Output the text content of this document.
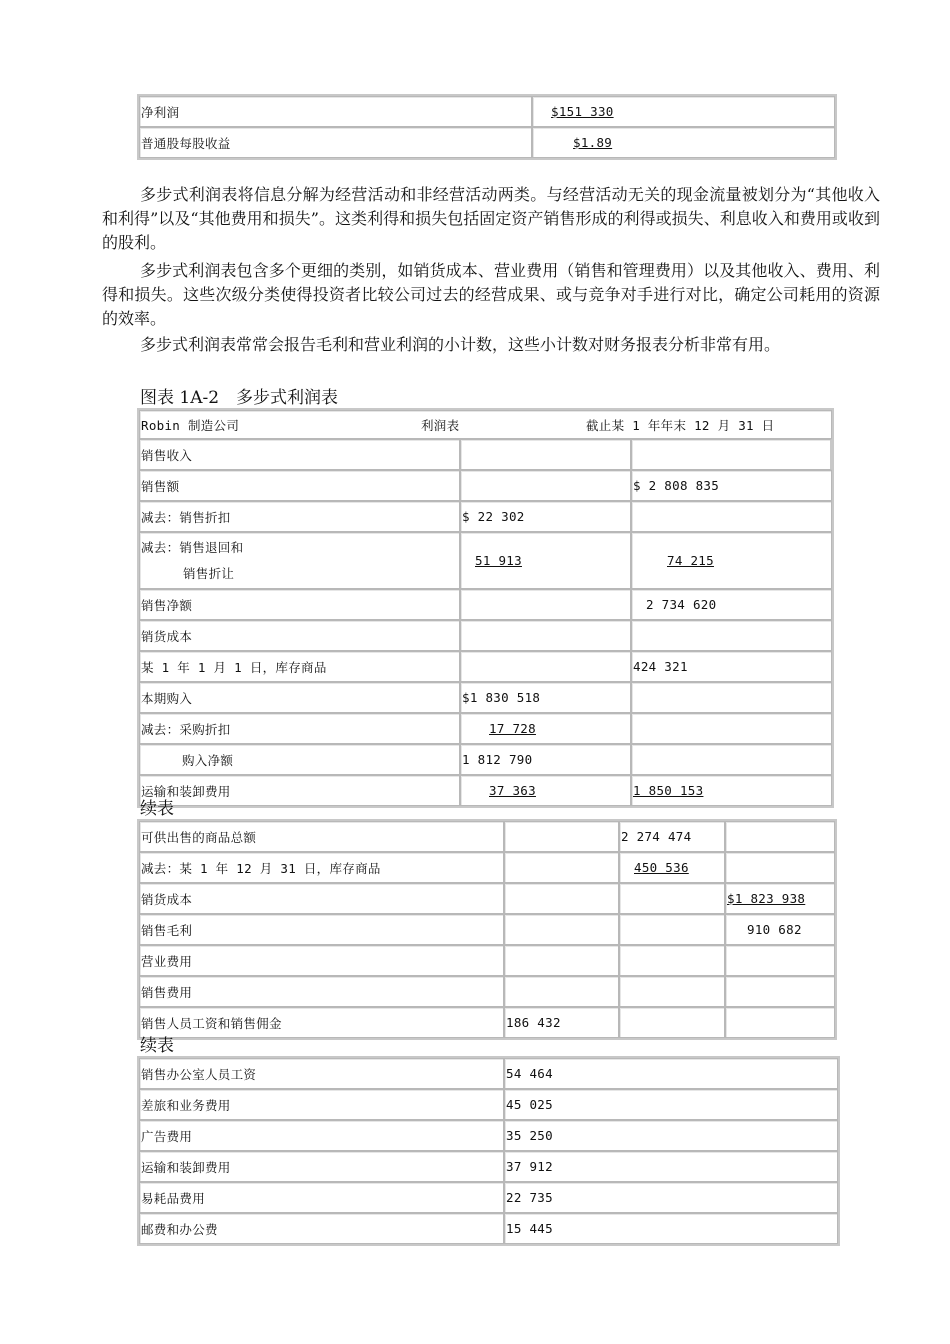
净利润	$151 330
普通股每股收益	$1.89

多步式利润表将信息分解为经营活动和非经营活动两类。与经营活动无关的现金流量被划分为“其他收入和利得”以及“其他费用和损失”。这类利得和损失包括固定资产销售形成的利得或损失、利息收入和费用或收到的股利。

多步式利润表包含多个更细的类别，如销货成本、营业费用（销售和管理费用）以及其他收入、费用、利得和损失。这些次级分类使得投资者比较公司过去的经营成果、或与竞争对手进行对比，确定公司耗用的资源的效率。

多步式利润表常常会报告毛利和营业利润的小计数，这些小计数对财务报表分析非常有用。

图表 1A-2　多步式利润表
Robin 制造公司 利润表 截止某 1 年年末 12 月 31 日		
销售收入		
销售额		$ 2 808 835
减去：销售折扣	$ 22 302	

减去：销售退回和
销售折让	51 913	74 215
销售净额		2 734 620
销货成本		
某 1 年 1 月 1 日，库存商品		424 321
本期购入	$1 830 518	
减去：采购折扣	17 728	
购入净额	1 812 790	
运输和装卸费用	37 363	1 850 153
续表
可供出售的商品总额		2 274 474	
减去：某 1 年 12 月 31 日，库存商品		450 536	
销货成本			$1 823 938
销售毛利			910 682
营业费用			
销售费用			
销售人员工资和销售佣金	186 432		
续表
销售办公室人员工资	54 464
差旅和业务费用	45 025
广告费用	35 250
运输和装卸费用	37 912
易耗品费用	22 735
邮费和办公费	15 445
